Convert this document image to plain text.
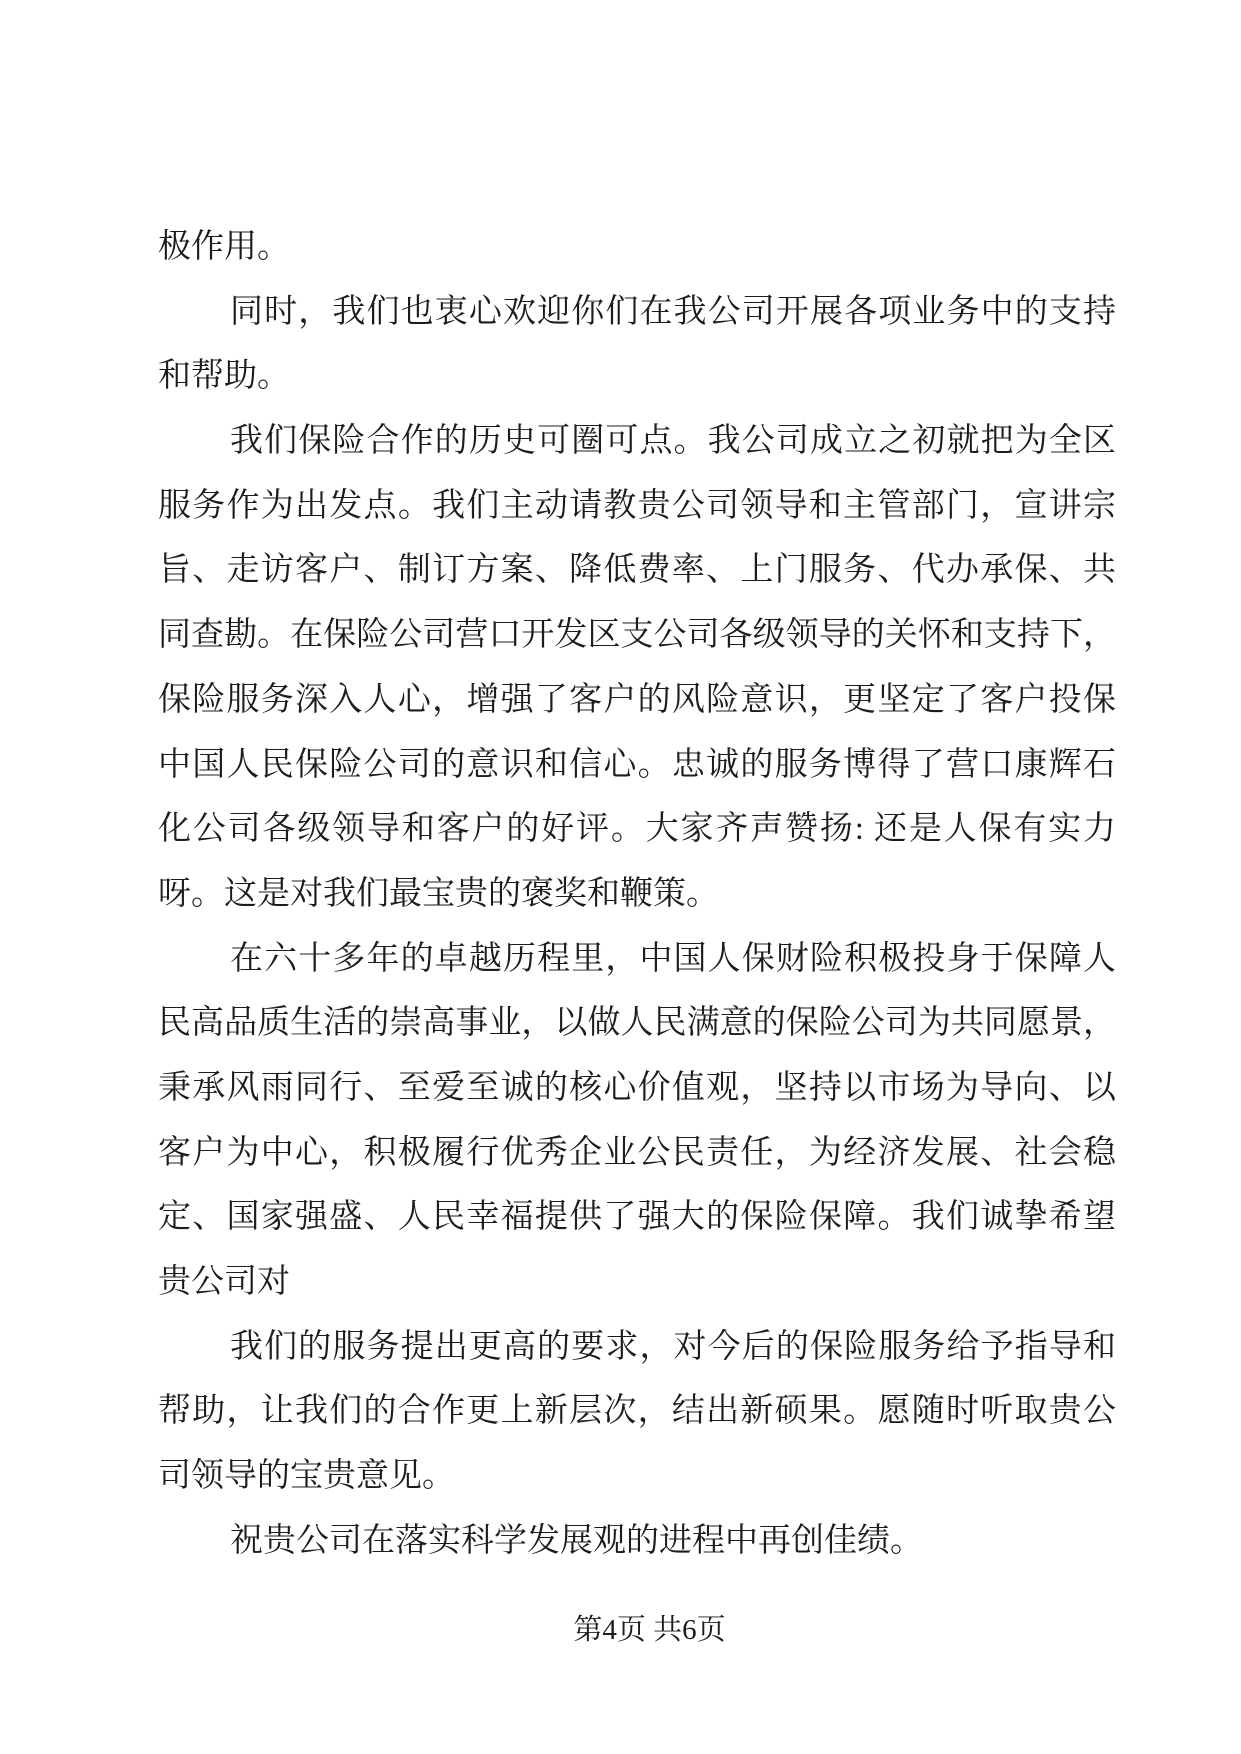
极作用。
同时，我们也衷心欢迎你们在我公司开展各项业务中的支持
和帮助。
我们保险合作的历史可圈可点。我公司成立之初就把为全区
服务作为出发点。我们主动请教贵公司领导和主管部门，宣讲宗
旨、走访客户、制订方案、降低费率、上门服务、代办承保、共
同查勘。在保险公司营口开发区支公司各级领导的关怀和支持下，
保险服务深入人心，增强了客户的风险意识，更坚定了客户投保
中国人民保险公司的意识和信心。忠诚的服务博得了营口康辉石
化公司各级领导和客户的好评。大家齐声赞扬: 还是人保有实力
呀。这是对我们最宝贵的褒奖和鞭策。
在六十多年的卓越历程里，中国人保财险积极投身于保障人
民高品质生活的崇高事业，以做人民满意的保险公司为共同愿景，
秉承风雨同行、至爱至诚的核心价值观，坚持以市场为导向、以
客户为中心，积极履行优秀企业公民责任，为经济发展、社会稳
定、国家强盛、人民幸福提供了强大的保险保障。我们诚挚希望
贵公司对
我们的服务提出更高的要求，对今后的保险服务给予指导和
帮助，让我们的合作更上新层次，结出新硕果。愿随时听取贵公
司领导的宝贵意见。
祝贵公司在落实科学发展观的进程中再创佳绩。
第4页 共6页
